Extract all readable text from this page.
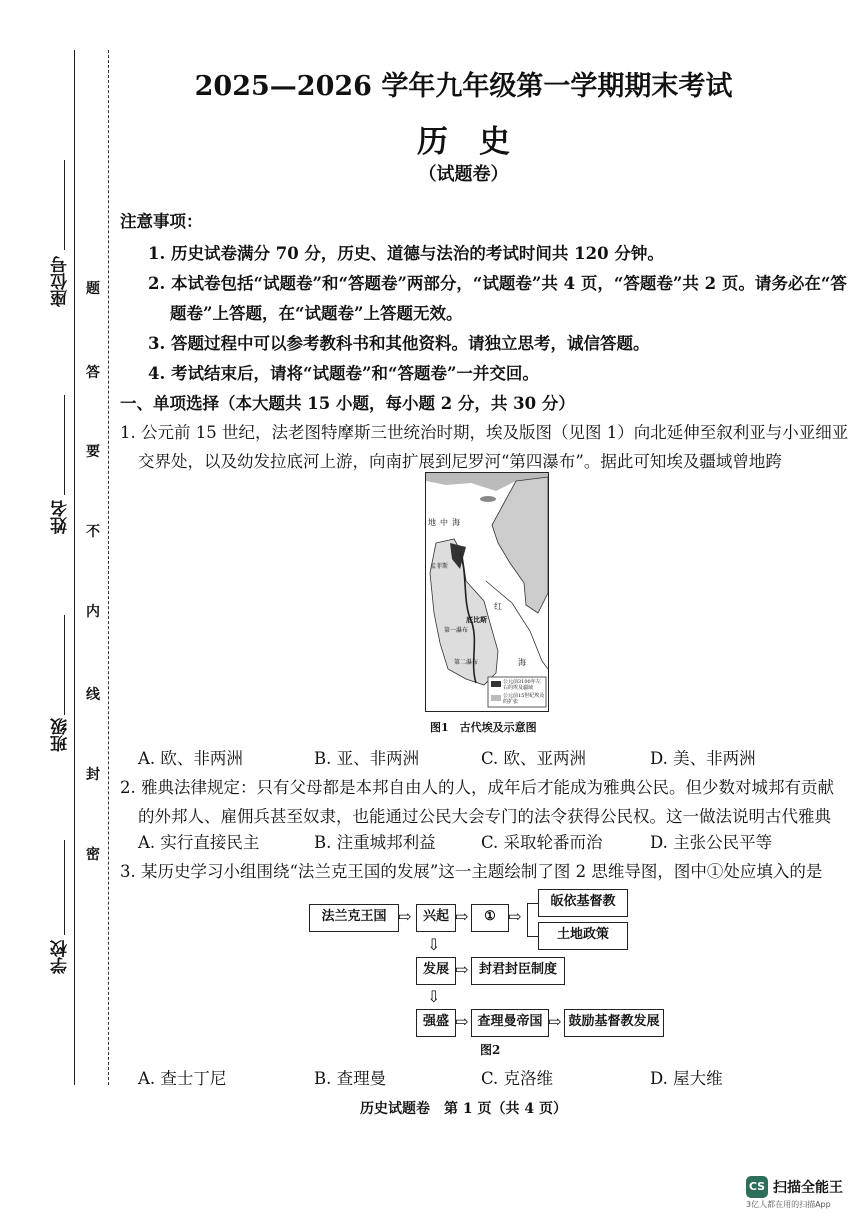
座位号
姓名
班级
学校
题
答
要
不
内
线
封
密
2025—2026 学年九年级第一学期期末考试
历　史
（试题卷）
注意事项：
1. 历史试卷满分 70 分，历史、道德与法治的考试时间共 120 分钟。
2. 本试卷包括“试题卷”和“答题卷”两部分，“试题卷”共 4 页，“答题卷”共 2 页。请务必在“答
题卷”上答题，在“试题卷”上答题无效。
3. 答题过程中可以参考教科书和其他资料。请独立思考，诚信答题。
4. 考试结束后，请将“试题卷”和“答题卷”一并交回。
一、单项选择（本大题共 15 小题，每小题 2 分，共 30 分）
1. 公元前 15 世纪，法老图特摩斯三世统治时期，埃及版图（见图 1）向北延伸至叙利亚与小亚细亚
交界处，以及幼发拉底河上游，向南扩展到尼罗河“第四瀑布”。据此可知埃及疆域曾地跨
地中海
红
海
底比斯
第二瀑布
第一瀑布
孟菲斯
公元前3100年左右的埃及疆域
公元前15世纪埃及的扩张
图1　古代埃及示意图
A. 欧、非两洲	B. 亚、非两洲	C. 欧、亚两洲	D. 美、非两洲
2. 雅典法律规定：只有父母都是本邦自由人的人，成年后才能成为雅典公民。但少数对城邦有贡献
的外邦人、雇佣兵甚至奴隶，也能通过公民大会专门的法令获得公民权。这一做法说明古代雅典
A. 实行直接民主	B. 注重城邦利益	C. 采取轮番而治	D. 主张公民平等
3. 某历史学习小组围绕“法兰克王国的发展”这一主题绘制了图 2 思维导图，图中①处应填入的是
法兰克王国 ⇨ 兴起 ⇨	① ⇨
皈依基督教
土地政策
⇩
发展 ⇨ 封君封臣制度
⇩
强盛 ⇨ 查理曼帝国 ⇨ 鼓励基督教发展
图2
A. 查士丁尼	B. 查理曼	C. 克洛维	D. 屋大维
历史试题卷　第 1 页（共 4 页）
CS 扫描全能王
3亿人都在用的扫描App
